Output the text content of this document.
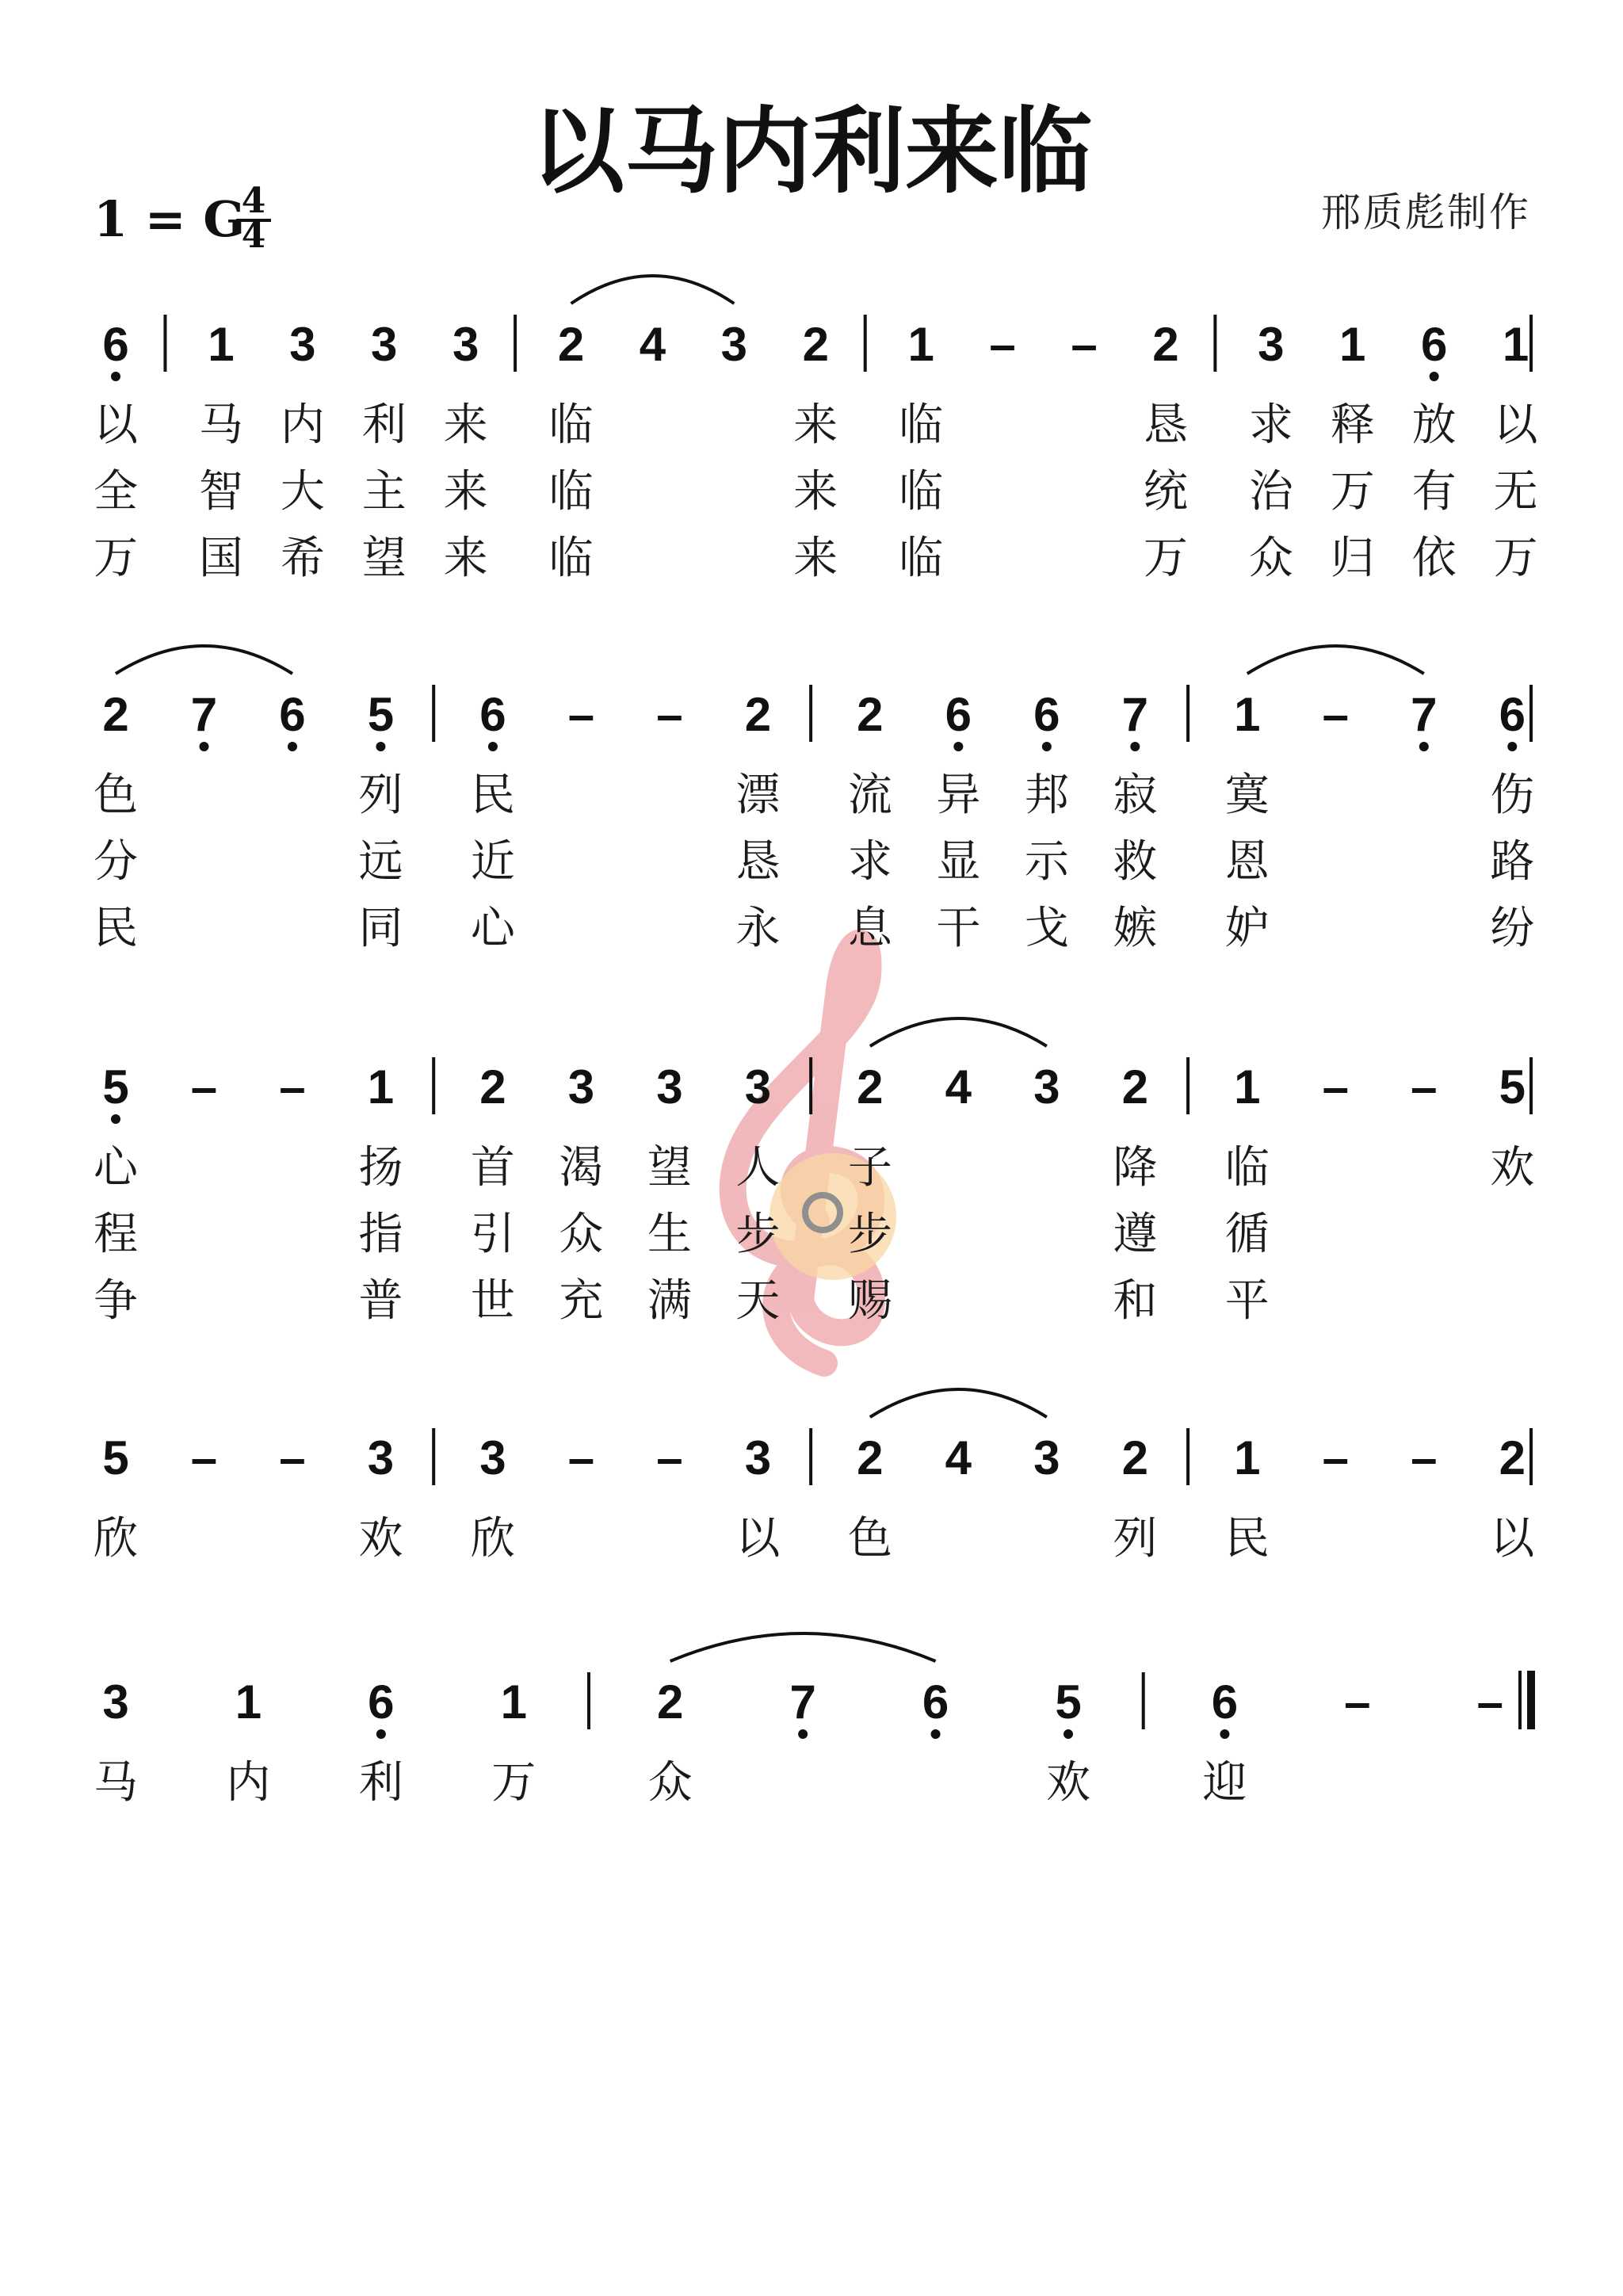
以马内利来临
1 = G
4
4
邢质彪制作
6 1 3 3 3 2 4 3 2 1 – – 2 3 1 6 1
以 马 内 利 来 临	来 临	恳 求 释 放 以
全 智 大 主 来 临	来 临	统 治 万 有 无
万 国 希 望 来 临	来 临	万 众 归 依 万
2 7 6 5 6 – – 2 2 6 6 7 1 – 7 6
色	列 民	漂 流 异 邦 寂 寞	伤
分	远 近	恳 求 显 示 救 恩	路
民	同 心	永 息 干 戈 嫉 妒	纷
5 – – 1 2 3 3 3 2 4 3 2 1 – – 5
心	扬 首 渴 望 人 子	降 临	欢
程	指 引 众 生 步 步	遵 循
争	普 世 充 满 天 赐	和 平
5 – – 3 3 – – 3 2 4 3 2 1 – – 2
欣	欢 欣	以 色	列 民	以
3 1 6 1	2 7 6 5	6 – –
马 内 利 万	众	欢	迎
